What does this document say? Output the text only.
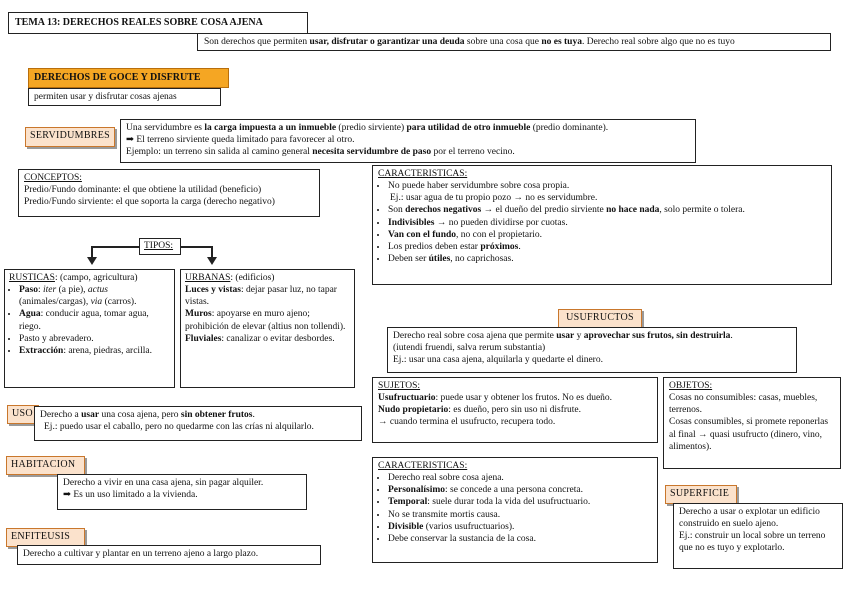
TEMA 13: DERECHOS REALES SOBRE COSA AJENA
Son derechos que permiten usar, disfrutar o garantizar una deuda sobre una cosa que no es tuya. Derecho real sobre algo que no es tuyo
DERECHOS DE GOCE Y DISFRUTE
permiten usar y disfrutar cosas ajenas
SERVIDUMBRES
Una servidumbre es la carga impuesta a un inmueble (predio sirviente) para utilidad de otro inmueble (predio dominante).
➡ El terreno sirviente queda limitado para favorecer al otro.
Ejemplo: un terreno sin salida al camino general necesita servidumbre de paso por el terreno vecino.
CONCEPTOS:
Predio/Fundo dominante: el que obtiene la utilidad (beneficio)
Predio/Fundo sirviente: el que soporta la carga (derecho negativo)
CARACTERISTICAS:
• No puede haber servidumbre sobre cosa propia.
Ej.: usar agua de tu propio pozo → no es servidumbre.
• Son derechos negativos → el dueño del predio sirviente no hace nada, solo permite o tolera.
• Indivisibles → no pueden dividirse por cuotas.
• Van con el fundo, no con el propietario.
• Los predios deben estar próximos.
• Deben ser útiles, no caprichosas.
TIPOS:
RUSTICAS: (campo, agricultura)
• Paso: iter (a pie), actus (animales/cargas), via (carros).
• Agua: conducir agua, tomar agua, riego.
• Pasto y abrevadero.
• Extracción: arena, piedras, arcilla.
URBANAS: (edificios)
Luces y vistas: dejar pasar luz, no tapar vistas.
Muros: apoyarse en muro ajeno; prohibición de elevar (altius non tollendi).
Fluviales: canalizar o evitar desbordes.
USUFRUCTOS
Derecho real sobre cosa ajena que permite usar y aprovechar sus frutos, sin destruirla.
(iutendi fruendi, salva rerum substantia)
Ej.: usar una casa ajena, alquilarla y quedarte el dinero.
SUJETOS:
Usufructuario: puede usar y obtener los frutos. No es dueño.
Nudo propietario: es dueño, pero sin uso ni disfrute.
→ cuando termina el usufructo, recupera todo.
OBJETOS:
Cosas no consumibles: casas, muebles, terrenos.
Cosas consumibles, si promete reponerlas al final → quasi usufructo (dinero, vino, alimentos).
CARACTERISTICAS:
• Derecho real sobre cosa ajena.
• Personalísimo: se concede a una persona concreta.
• Temporal: suele durar toda la vida del usufructuario.
• No se transmite mortis causa.
• Divisible (varios usufructuarios).
• Debe conservar la sustancia de la cosa.
USO Derecho a usar una cosa ajena, pero sin obtener frutos.
Ej.: puedo usar el caballo, pero no quedarme con las crías ni alquilarlo.
HABITACION
Derecho a vivir en una casa ajena, sin pagar alquiler.
➡ Es un uso limitado a la vivienda.
ENFITEUSIS
Derecho a cultivar y plantar en un terreno ajeno a largo plazo.
SUPERFICIE
Derecho a usar o explotar un edificio construido en suelo ajeno.
Ej.: construir un local sobre un terreno que no es tuyo y explotarlo.
